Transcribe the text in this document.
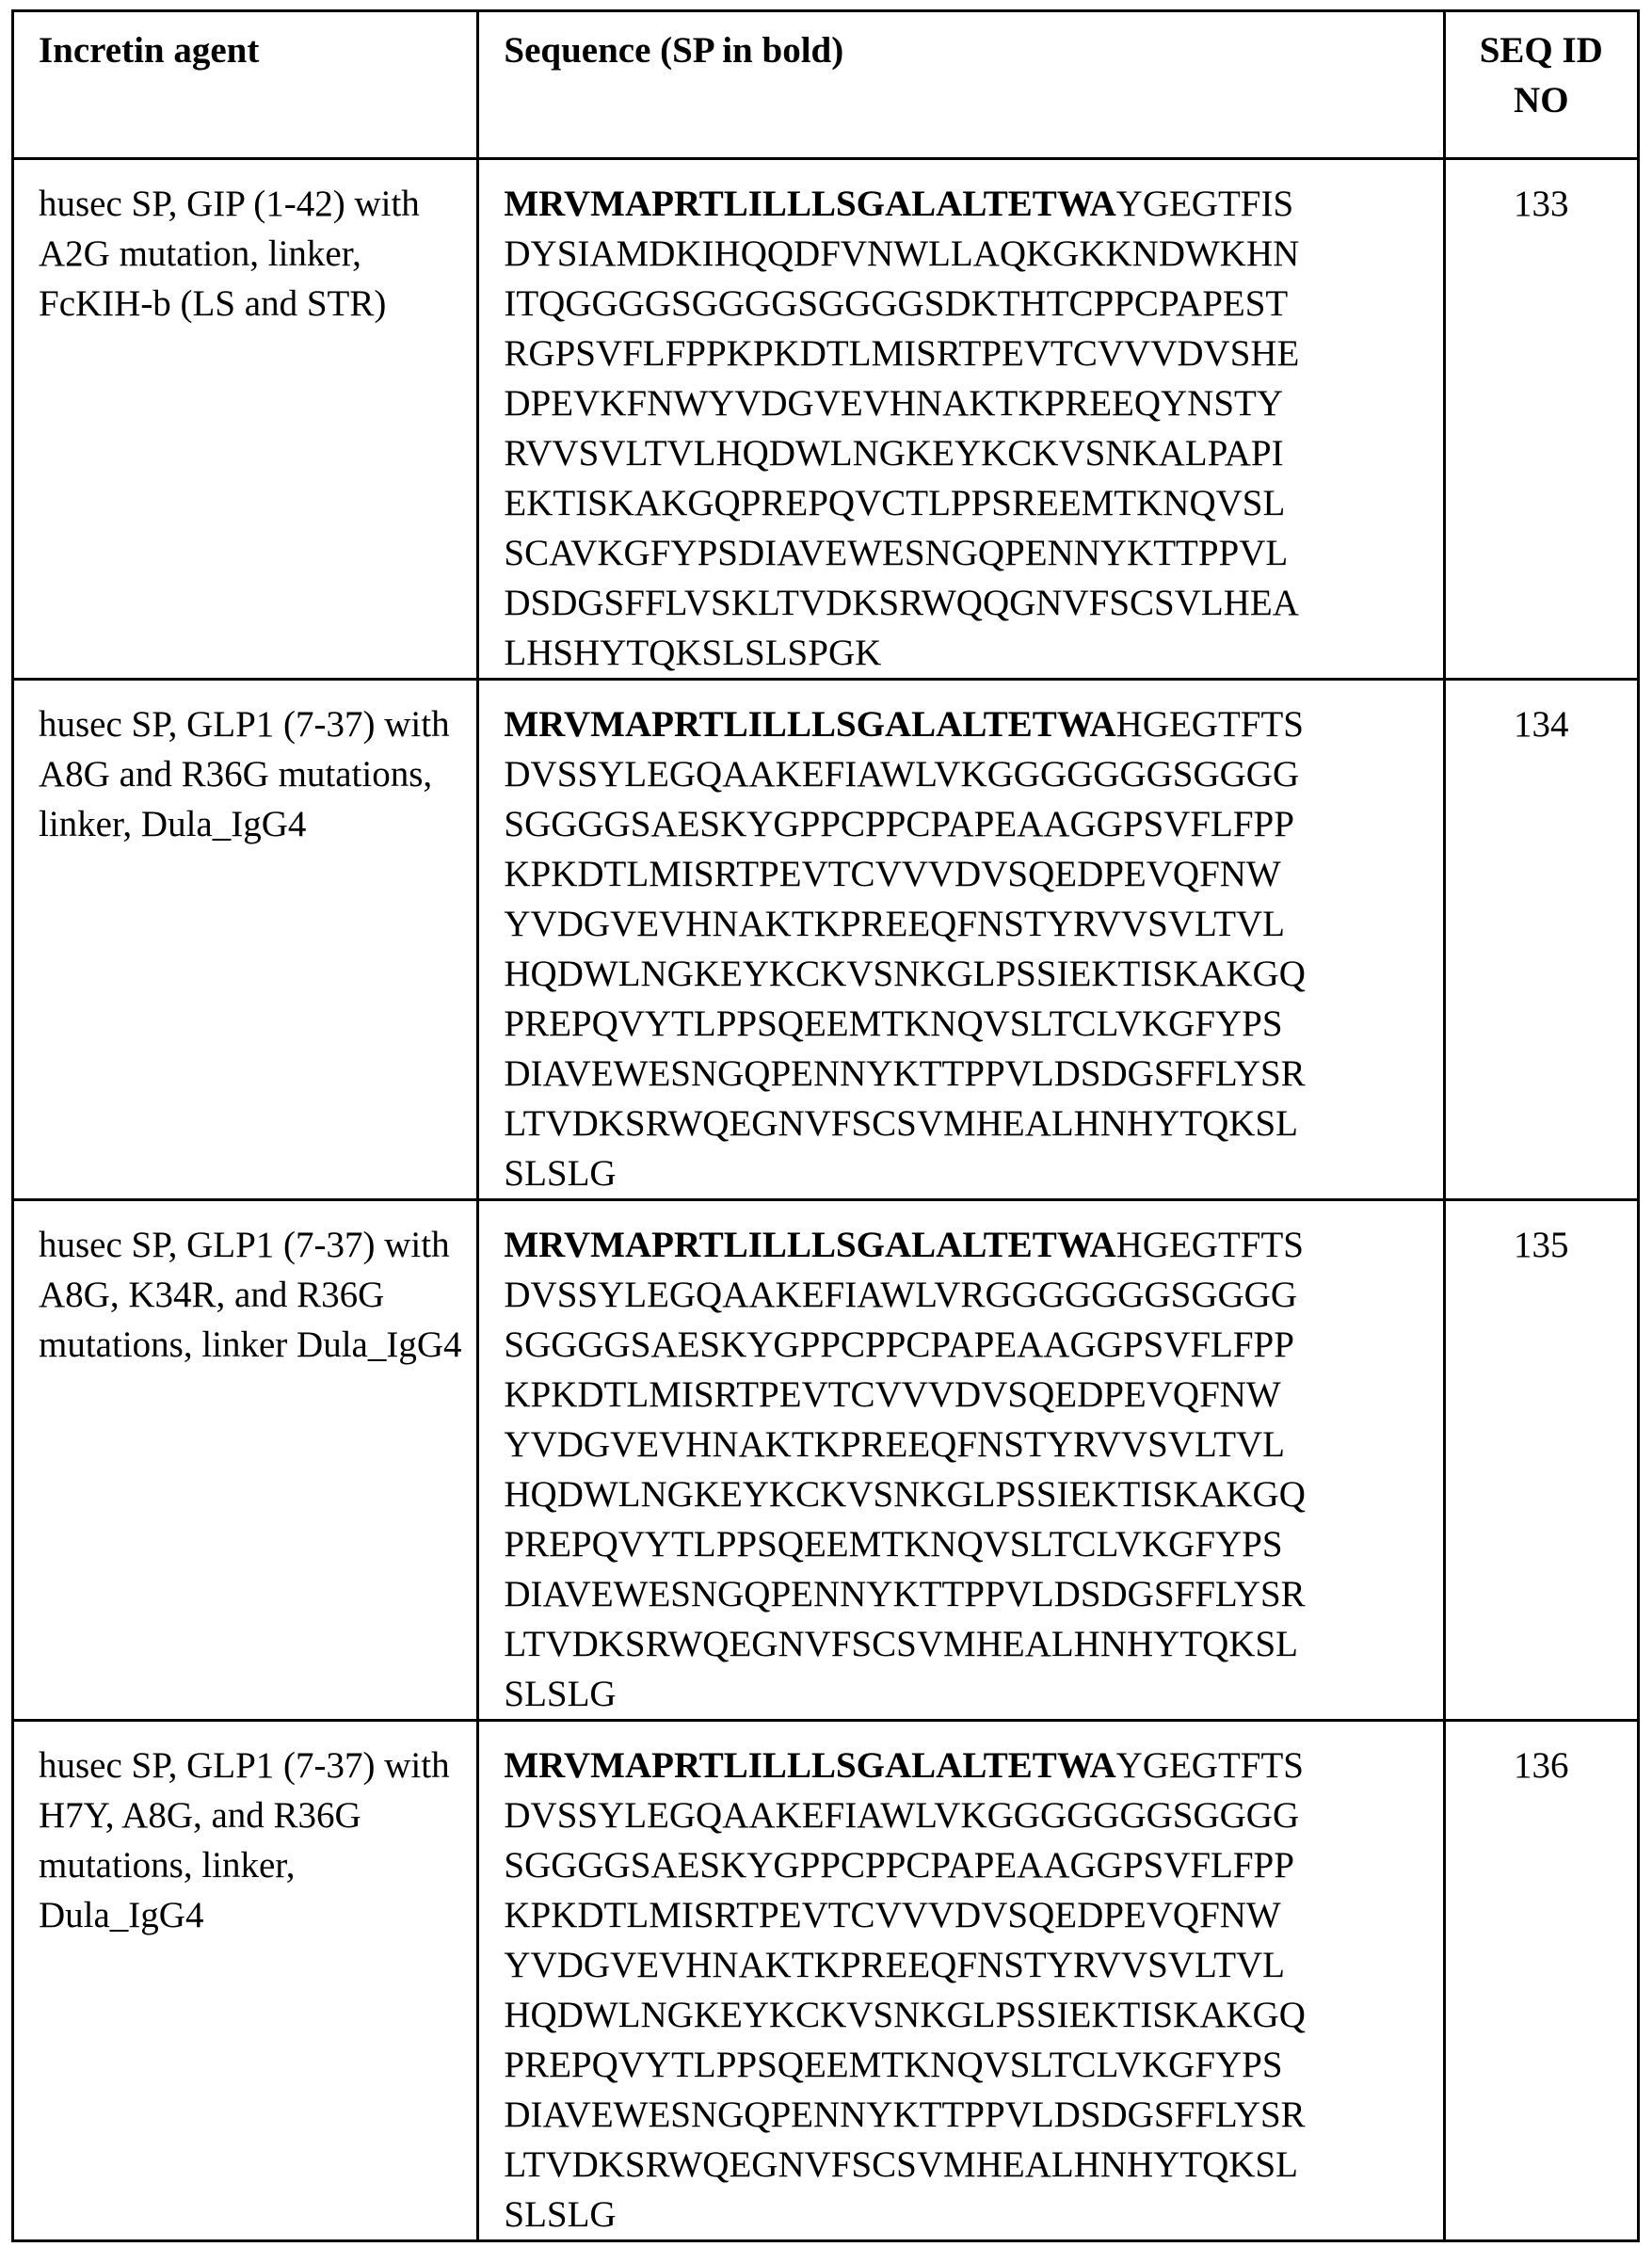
Incretin agent	Sequence (SP in bold)	SEQ ID NO
husec SP, GIP (1-42) with A2G mutation, linker, FcKIH-b (LS and STR)	
MRVMAPRTLILLLSGALALTETWAYGEGTFIS
DYSIAMDKIHQQDFVNWLLAQKGKKNDWKHN
ITQGGGGSGGGGSGGGGSDKTHTCPPCPAPEST
RGPSVFLFPPKPKDTLMISRTPEVTCVVVDVSHE
DPEVKFNWYVDGVEVHNAKTKPREEQYNSTY
RVVSVLTVLHQDWLNGKEYKCKVSNKALPAPI
EKTISKAKGQPREPQVCTLPPSREEMTKNQVSL
SCAVKGFYPSDIAVEWESNGQPENNYKTTPPVL
DSDGSFFLVSKLTVDKSRWQQGNVFSCSVLHEA
LHSHYTQKSLSLSPGK
	133
husec SP, GLP1 (7-37) with A8G and R36G mutations, linker, Dula_IgG4	
MRVMAPRTLILLLSGALALTETWAHGEGTFTS
DVSSYLEGQAAKEFIAWLVKGGGGGGGSGGGG
SGGGGSAESKYGPPCPPCPAPEAAGGPSVFLFPP
KPKDTLMISRTPEVTCVVVDVSQEDPEVQFNW
YVDGVEVHNAKTKPREEQFNSTYRVVSVLTVL
HQDWLNGKEYKCKVSNKGLPSSIEKTISKAKGQ
PREPQVYTLPPSQEEMTKNQVSLTCLVKGFYPS
DIAVEWESNGQPENNYKTTPPVLDSDGSFFLYSR
LTVDKSRWQEGNVFSCSVMHEALHNHYTQKSL
SLSLG
	134
husec SP, GLP1 (7-37) with A8G, K34R, and R36G mutations, linker Dula_IgG4	
MRVMAPRTLILLLSGALALTETWAHGEGTFTS
DVSSYLEGQAAKEFIAWLVRGGGGGGGSGGGG
SGGGGSAESKYGPPCPPCPAPEAAGGPSVFLFPP
KPKDTLMISRTPEVTCVVVDVSQEDPEVQFNW
YVDGVEVHNAKTKPREEQFNSTYRVVSVLTVL
HQDWLNGKEYKCKVSNKGLPSSIEKTISKAKGQ
PREPQVYTLPPSQEEMTKNQVSLTCLVKGFYPS
DIAVEWESNGQPENNYKTTPPVLDSDGSFFLYSR
LTVDKSRWQEGNVFSCSVMHEALHNHYTQKSL
SLSLG
	135
husec SP, GLP1 (7-37) with H7Y, A8G, and R36G mutations, linker, Dula_IgG4	
MRVMAPRTLILLLSGALALTETWAYGEGTFTS
DVSSYLEGQAAKEFIAWLVKGGGGGGGSGGGG
SGGGGSAESKYGPPCPPCPAPEAAGGPSVFLFPP
KPKDTLMISRTPEVTCVVVDVSQEDPEVQFNW
YVDGVEVHNAKTKPREEQFNSTYRVVSVLTVL
HQDWLNGKEYKCKVSNKGLPSSIEKTISKAKGQ
PREPQVYTLPPSQEEMTKNQVSLTCLVKGFYPS
DIAVEWESNGQPENNYKTTPPVLDSDGSFFLYSR
LTVDKSRWQEGNVFSCSVMHEALHNHYTQKSL
SLSLG
	136
